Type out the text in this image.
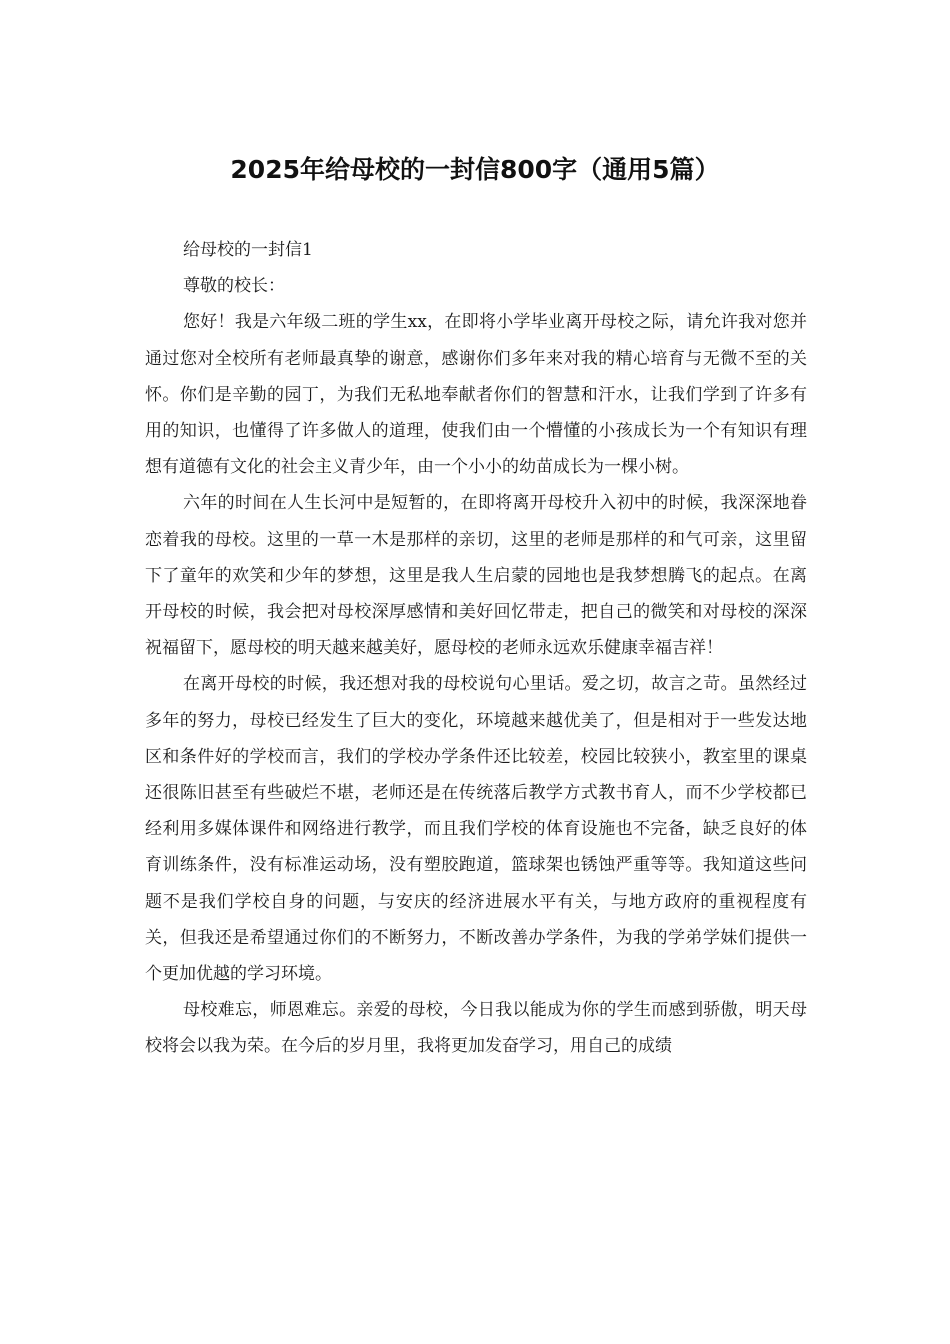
2025年给母校的一封信800字（通用5篇）

给母校的一封信1

尊敬的校长：

您好！我是六年级二班的学生xx，在即将小学毕业离开母校之际，请允许我对您并通过您对全校所有老师最真挚的谢意，感谢你们多年来对我的精心培育与无微不至的关怀。你们是辛勤的园丁，为我们无私地奉献者你们的智慧和汗水，让我们学到了许多有用的知识，也懂得了许多做人的道理，使我们由一个懵懂的小孩成长为一个有知识有理想有道德有文化的社会主义青少年，由一个小小的幼苗成长为一棵小树。

六年的时间在人生长河中是短暂的，在即将离开母校升入初中的时候，我深深地眷恋着我的母校。这里的一草一木是那样的亲切，这里的老师是那样的和气可亲，这里留下了童年的欢笑和少年的梦想，这里是我人生启蒙的园地也是我梦想腾飞的起点。在离开母校的时候，我会把对母校深厚感情和美好回忆带走，把自己的微笑和对母校的深深祝福留下，愿母校的明天越来越美好，愿母校的老师永远欢乐健康幸福吉祥！

在离开母校的时候，我还想对我的母校说句心里话。爱之切，故言之苛。虽然经过多年的努力，母校已经发生了巨大的变化，环境越来越优美了，但是相对于一些发达地区和条件好的学校而言，我们的学校办学条件还比较差，校园比较狭小，教室里的课桌还很陈旧甚至有些破烂不堪，老师还是在传统落后教学方式教书育人，而不少学校都已经利用多媒体课件和网络进行教学，而且我们学校的体育设施也不完备，缺乏良好的体育训练条件，没有标准运动场，没有塑胶跑道，篮球架也锈蚀严重等等。我知道这些问题不是我们学校自身的问题，与安庆的经济进展水平有关，与地方政府的重视程度有关，但我还是希望通过你们的不断努力，不断改善办学条件，为我的学弟学妹们提供一个更加优越的学习环境。

母校难忘，师恩难忘。亲爱的母校，今日我以能成为你的学生而感到骄傲，明天母校将会以我为荣。在今后的岁月里，我将更加发奋学习，用自己的成绩
